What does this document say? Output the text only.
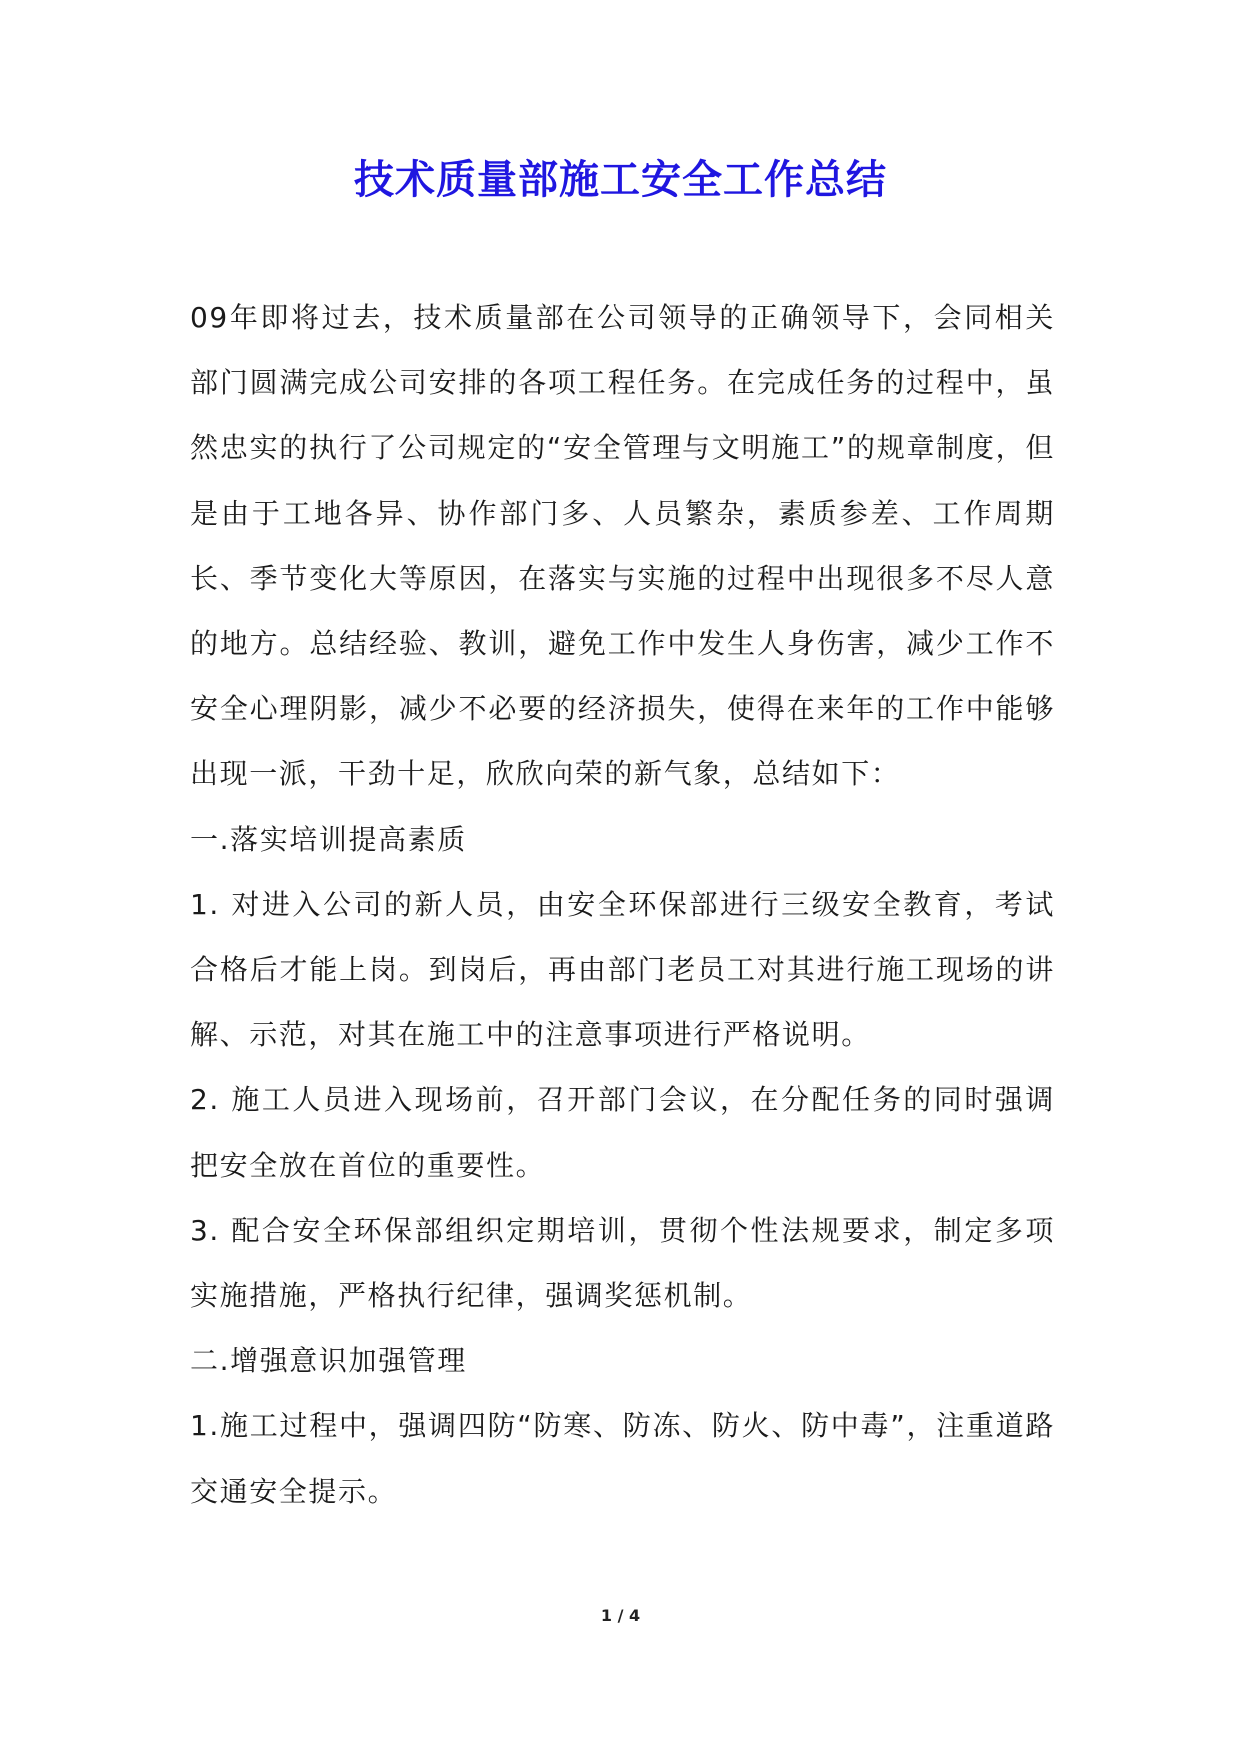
技术质量部施工安全工作总结

09年即将过去，技术质量部在公司领导的正确领导下，会同相关部门圆满完成公司安排的各项工程任务。在完成任务的过程中，虽然忠实的执行了公司规定的“安全管理与文明施工”的规章制度，但是由于工地各异、协作部门多、人员繁杂，素质参差、工作周期长、季节变化大等原因，在落实与实施的过程中出现很多不尽人意的地方。总结经验、教训，避免工作中发生人身伤害，减少工作不安全心理阴影，减少不必要的经济损失，使得在来年的工作中能够出现一派，干劲十足，欣欣向荣的新气象，总结如下：

一.落实培训提高素质

1. 对进入公司的新人员，由安全环保部进行三级安全教育，考试合格后才能上岗。到岗后，再由部门老员工对其进行施工现场的讲解、示范，对其在施工中的注意事项进行严格说明。

2. 施工人员进入现场前，召开部门会议，在分配任务的同时强调把安全放在首位的重要性。

3. 配合安全环保部组织定期培训，贯彻个性法规要求，制定多项实施措施，严格执行纪律，强调奖惩机制。

二.增强意识加强管理

1.施工过程中，强调四防“防寒、防冻、防火、防中毒”，注重道路交通安全提示。

1 / 4
